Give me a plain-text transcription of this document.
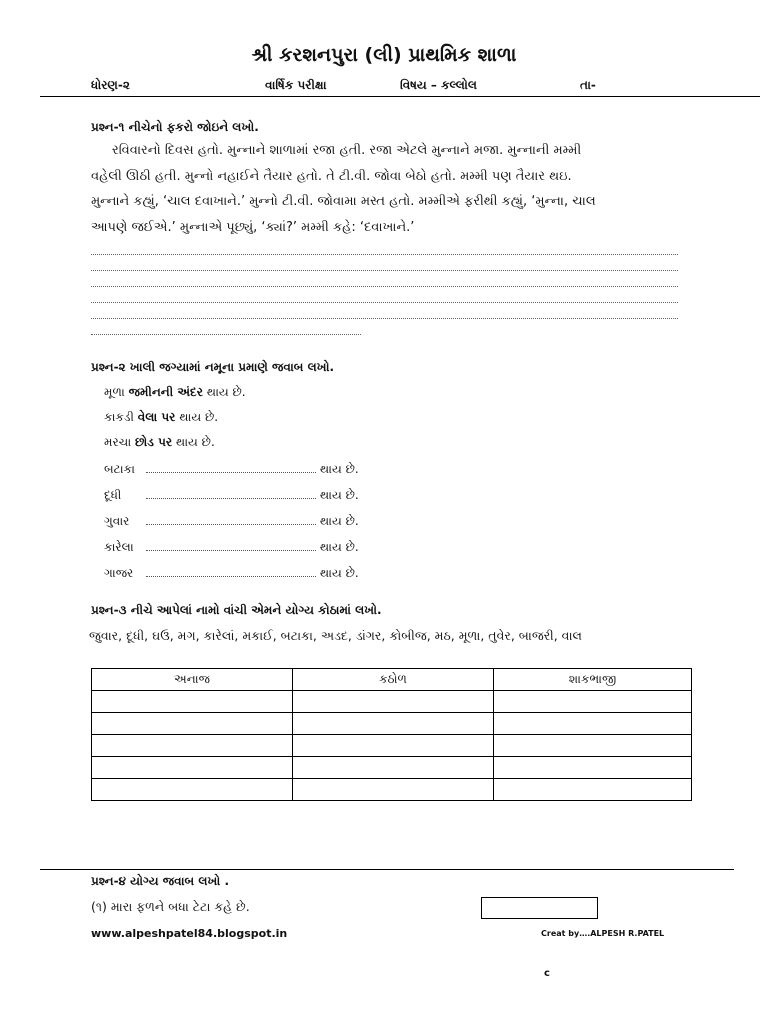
શ્રી કરશનપુરા (લી) પ્રાથમિક શાળા
ધોરણ-૨	વાર્ષિક પરીક્ષા	વિષય – કલ્લોલ	તા-
પ્રશ્ન-૧ નીચેનો ફકરો જોઇને લખો.
રવિવારનો દિવસ હતો. મુન્નાને શાળામાં રજા હતી. રજા એટલે મુન્નાને મજા. મુન્નાની મમ્મી
વહેલી ઊઠી હતી. મુન્નો નહાઈને તૈયાર હતો. તે ટી.વી. જોવા બેઠો હતો. મમ્મી પણ તૈયાર થઇ.
મુન્નાને કહ્યું, ‘ચાલ દવાખાને.’ મુન્નો ટી.વી. જોવામા મસ્ત હતો. મમ્મીએ ફરીથી કહ્યું, ‘મુન્ના, ચાલ
આપણે જઈએ.’ મુન્નાએ પૂછ્યું, ‘ક્યાં?’ મમ્મી કહે: ‘દવાખાને.’
પ્રશ્ન-૨ ખાલી જગ્યામાં નમૂના પ્રમાણે જવાબ લખો.
મૂળા જમીનની અંદર થાય છે.
કાકડી વેલા પર થાય છે.
મરચા છોડ પર થાય છે.
બટાકા	થાય છે.
દૂધી	થાય છે.
ગુવાર	થાય છે.
કારેલા	થાય છે.
ગાજર	થાય છે.
પ્રશ્ન-૩ નીચે આપેલાં નામો વાંચી એમને યોગ્ય કોઠામાં લખો.
જુવાર, દૂધી, ઘઉ, મગ, કારેલાં, મકાઈ, બટાકા, અડદ, ડાંગર, કોબીજ, મઠ, મૂળા, તુવેર, બાજરી, વાલ
અનાજ	કઠોળ	શાકભાજી

પ્રશ્ન-૪ યોગ્ય જવાબ લખો .
(૧) મારા ફળને બધા ટેટા કહે છે.
www.alpeshpatel84.blogspot.in	Creat by….ALPESH R.PATEL
c
